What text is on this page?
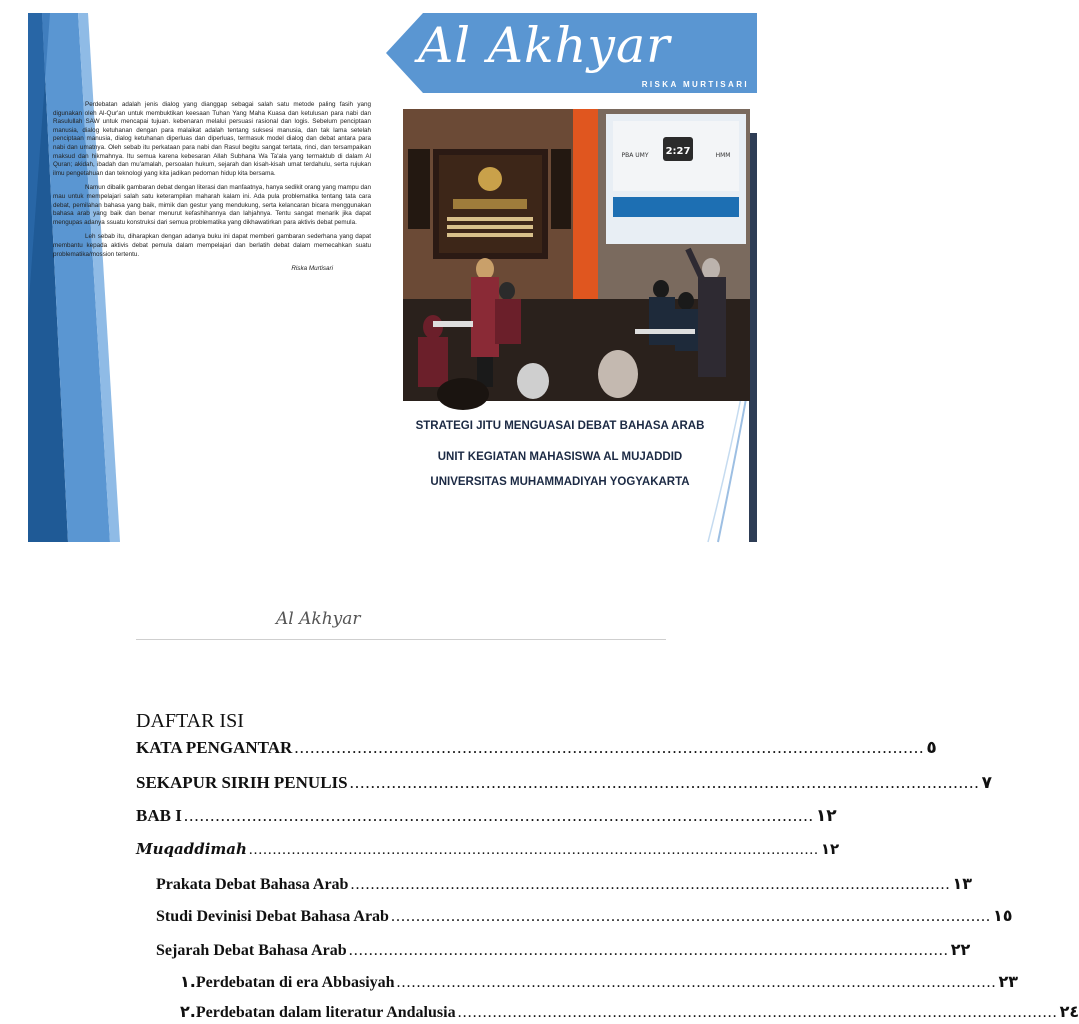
Perdebatan adalah jenis dialog yang dianggap sebagai salah satu metode paling fasih yang digunakan oleh Al-Qur'an untuk membuktikan keesaan Tuhan Yang Maha Kuasa dan ketulusan para nabi dan Rasulullah SAW untuk mencapai tujuan. kebenaran melalui persuasi rasional dan logis. Sebelum penciptaan manusia, dialog ketuhanan dengan para malaikat adalah tentang suksesi manusia, dan tak lama setelah penciptaan manusia, dialog ketuhanan diperluas dan diperluas, termasuk model dialog dan debat antara para nabi dan umatnya. Oleh sebab itu perkataan para nabi dan Rasul begitu sangat tertata, rinci, dan tersampaikan maksud dan hikmahnya. Itu semua karena kebesaran Allah Subhana Wa Ta'ala yang termaktub di dalam Al Quran; akidah, ibadah dan mu'amalah, persoalan hukum, sejarah dan kisah-kisah umat terdahulu, serta rujukan ilmu pengetahuan dan teknologi yang kita jadikan pedoman hidup kita bersama.

Namun dibalik gambaran debat dengan literasi dan manfaatnya, hanya sedikit orang yang mampu dan mau untuk mempelajari salah satu keterampilan maharah kalam ini. Ada pula problematika tentang tata cara debat, pemilahan bahasa yang baik, mimik dan gestur yang mendukung, serta kelancaran bicara menggunakan bahasa arab yang baik dan benar menurut kefashihannya dan lahjahnya. Tentu sangat menarik jika dapat mengupas adanya ssuatu konstruksi dari semua problematika yang dikhawatirkan para aktivis debat pemula.

Leh sebab itu, diharapkan dengan adanya buku ini dapat memberi gambaran sederhana yang dapat membantu kepada aktivis debat pemula dalam mempelajari dan berlatih debat dalam memecahkan suatu problematika/mossion tertentu.

Riska Murtisari
Al Akhyar
RISKA MURTISARI
2:27
PBA UMY	HMM
STRATEGI JITU MENGUASAI DEBAT BAHASA ARAB
UNIT KEGIATAN MAHASISWA AL MUJADDID
UNIVERSITAS MUHAMMADIYAH YOGYAKARTA
Al Akhyar
DAFTAR ISI
KATA PENGANTAR ........................................................................................................................ ٥
SEKAPUR SIRIH PENULIS ........................................................................................................................ ٧
BAB I ........................................................................................................................ ١٢
Muqaddimah ........................................................................................................................ ١٢
Prakata Debat Bahasa Arab ........................................................................................................................ ١٣
Studi Devinisi Debat Bahasa Arab ........................................................................................................................ ١٥
Sejarah Debat Bahasa Arab ........................................................................................................................ ٢٢
١. Perdebatan di era Abbasiyah ........................................................................................................................ ٢٣
٢. Perdebatan dalam literatur Andalusia ........................................................................................................................ ٢٤
